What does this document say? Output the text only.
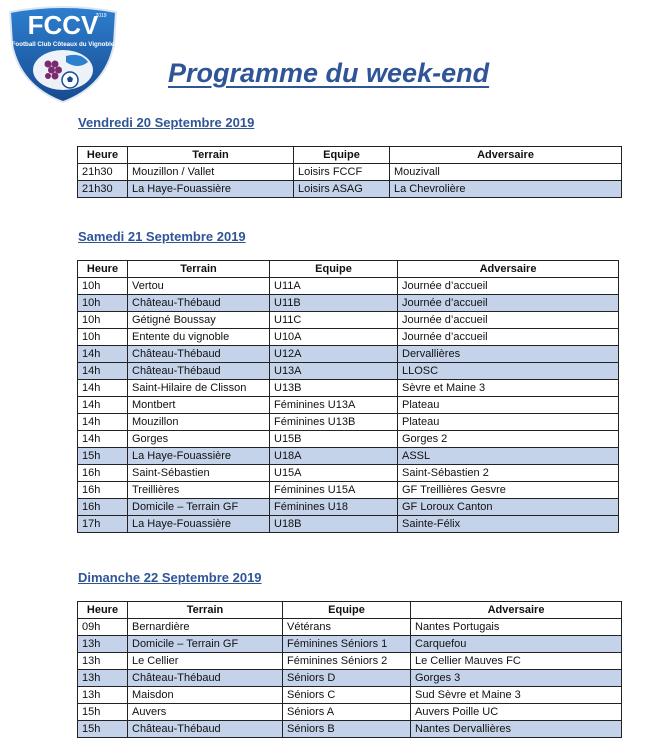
FCCV
2019
Football Club Côteaux du Vignoble
Programme du week-end
Vendredi 20 Septembre 2019
Heure	Terrain	Equipe	Adversaire
21h30	Mouzillon / Vallet	Loisirs FCCF	Mouzivall
21h30	La Haye-Fouassière	Loisirs ASAG	La Chevrolière
Samedi 21 Septembre 2019
Heure	Terrain	Equipe	Adversaire
10h	Vertou	U11A	Journée d’accueil
10h	Château-Thébaud	U11B	Journée d’accueil
10h	Gétigné Boussay	U11C	Journée d’accueil
10h	Entente du vignoble	U10A	Journée d’accueil
14h	Château-Thébaud	U12A	Dervallières
14h	Château-Thébaud	U13A	LLOSC
14h	Saint-Hilaire de Clisson	U13B	Sèvre et Maine 3
14h	Montbert	Féminines U13A	Plateau
14h	Mouzillon	Féminines U13B	Plateau
14h	Gorges	U15B	Gorges 2
15h	La Haye-Fouassière	U18A	ASSL
16h	Saint-Sébastien	U15A	Saint-Sébastien 2
16h	Treillières	Féminines U15A	GF Treillières Gesvre
16h	Domicile – Terrain GF	Féminines U18	GF Loroux Canton
17h	La Haye-Fouassière	U18B	Sainte-Félix
Dimanche 22 Septembre 2019
Heure	Terrain	Equipe	Adversaire
09h	Bernardière	Vétérans	Nantes Portugais
13h	Domicile – Terrain GF	Féminines Séniors 1	Carquefou
13h	Le Cellier	Féminines Séniors 2	Le Cellier Mauves FC
13h	Château-Thébaud	Séniors D	Gorges 3
13h	Maisdon	Séniors C	Sud Sèvre et Maine 3
15h	Auvers	Séniors A	Auvers Poille UC
15h	Château-Thébaud	Séniors B	Nantes Dervallières
